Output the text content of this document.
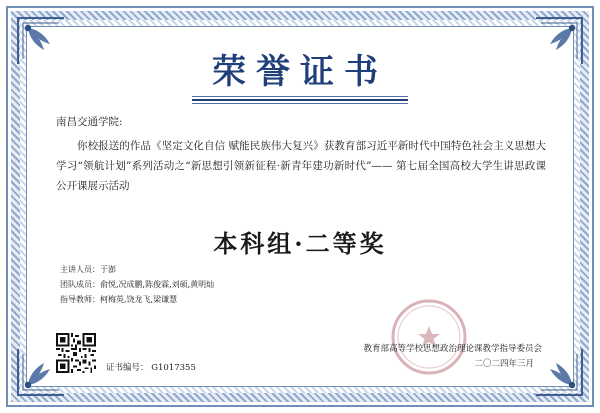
荣誉证书
南昌交通学院:
你校报送的作品《坚定文化自信 赋能民族伟大复兴》获教育部习近平新时代中国特色社会主义思想大学习“领航计划”系列活动之“新思想引领新征程·新青年建功新时代”—— 第七届全国高校大学生讲思政课公开课展示活动
本科组·二等奖
主讲人员：于澎
团队成员：俞悦,况成鹏,陈俊霖,刘硕,黄明灿
指导教师：柯梅英,饶龙飞,梁谦慧
证书编号： G1017355
教育部高等学校思想政治理论课教学指导委员会
二〇二四年三月
